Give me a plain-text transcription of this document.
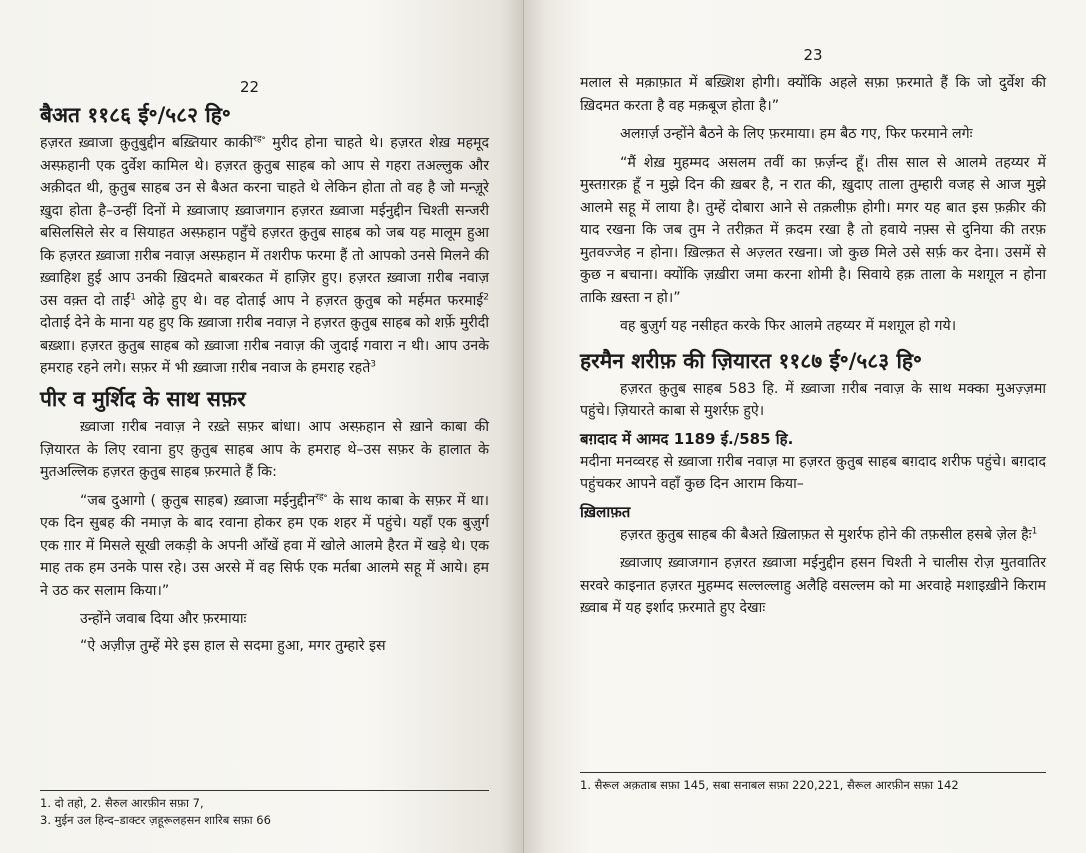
22
बैअत ११८६ ई॰/५८२ हि॰

हज़रत ख़्वाजा क़ुतुबुद्दीन बख़्तियार काकी$^{रह॰}$ मुरीद होना चाहते थे। हज़रत शेख़ महमूद अस्फ़हानी एक दुर्वेश कामिल थे। हज़रत क़ुतुब साहब को आप से गहरा तअल्लुक और अक़ीदत थी, क़ुतुब साहब उन से बैअत करना चाहते थे लेकिन होता तो वह है जो मन्ज़ूरे ख़ुदा होता है–उन्हीं दिनों मे ख़्वाजाए ख़्वाजगान हज़रत ख़्वाजा मईनुद्दीन चिश्ती सन्जरी बसिलसिले सेर व सियाहत अस्फ़हान पहुँचे हज़रत क़ुतुब साहब को जब यह मालूम हुआ कि हज़रत ख़्वाजा ग़रीब नवाज़ अस्फ़हान में तशरीफ फरमा हैं तो आपको उनसे मिलने की ख़्वाहिश हुई आप उनकी ख़िदमते बाबरकत में हाज़िर हुए। हज़रत ख़्वाजा ग़रीब नवाज़ उस वक़्त दो ताईं$^1$ ओढ़े हुए थे। वह दोताई आप ने हज़रत क़ुतुब को मर्हमत फरमाई$^2$ दोताई देने के माना यह हुए कि ख़्वाजा ग़रीब नवाज़ ने हज़रत क़ुतुब साहब को शर्फ़े मुरीदी बख़्शा। हज़रत क़ुतुब साहब को ख़्वाजा ग़रीब नवाज़ की जुदाई गवारा न थी। आप उनके हमराह रहने लगे। सफ़र में भी ख़्वाजा ग़रीब नवाज के हमराह रहते$^3$

पीर व मुर्शिद के साथ सफ़र

ख़्वाजा ग़रीब नवाज़ ने रख़्ते सफ़र बांधा। आप अस्फ़हान से ख़ाने काबा की ज़ियारत के लिए रवाना हुए क़ुतुब साहब आप के हमराह थे–उस सफ़र के हालात के मुतअल्लिक हज़रत क़ुतुब साहब फ़रमाते हैं कि:

“जब दुआगो ( क़ुतुब साहब) ख़्वाजा मईनुद्दीन$^{रह॰}$ के साथ काबा के सफ़र में था। एक दिन सुबह की नमाज़ के बाद रवाना होकर हम एक शहर में पहुंचे। यहाँ एक बुज़ुर्ग एक ग़ार में मिसले सूखी लकड़ी के अपनी आँखें हवा में खोले आलमे हैरत में खड़े थे। एक माह तक हम उनके पास रहे। उस अरसे में वह सिर्फ एक मर्तबा आलमे सहू में आये। हम ने उठ कर सलाम किया।”

उन्होंने जवाब दिया और फ़रमायाः

“ऐ अज़ीज़ तुम्हें मेरे इस हाल से सदमा हुआ, मगर तुम्हारे इस

1. दो तहो, 2. सैरुल आरफ़ीन सफ़ा 7,
3. मुईन उल हिन्द–डाक्टर ज़हूरूलहसन शारिब सफ़ा 66
23

मलाल से मक़ाफ़ात में बख़्शिश होगी। क्योंकि अहले सफ़ा फ़रमाते हैं कि जो दुर्वेश की ख़िदमत करता है वह मक़बूज होता है।”

अलग़र्ज़ उन्होंने बैठने के लिए फ़रमाया। हम बैठ गए, फिर फरमाने लगेः

“मैं शेख़ मुहम्मद असलम तवीं का फ़र्ज़न्द हूँ। तीस साल से आलमे तहय्यर में मुस्तग़रक़ हूँ न मुझे दिन की ख़बर है, न रात की, ख़ुदाए ताला तुम्हारी वजह से आज मुझे आलमे सहू में लाया है। तुम्हें दोबारा आने से तक़लीफ़ होगी। मगर यह बात इस फ़क़ीर की याद रखना कि जब तुम ने तरीक़त में क़दम रखा है तो हवाये नफ़्स से दुनिया की तरफ़ मुतवज्जेह न होना। ख़िल्क़त से अज़्लत रखना। जो कुछ मिले उसे सर्फ़ कर देना। उसमें से कुछ न बचाना। क्योंकि ज़ख़ीरा जमा करना शोमी है। सिवाये हक़ ताला के मशग़ूल न होना ताकि ख़स्ता न हो।”

वह बुज़ुर्ग यह नसीहत करके फिर आलमे तहय्यर में मशग़ूल हो गये।

हरमैन शरीफ़ की ज़ियारत ११८७ ई॰/५८३ हि॰

हज़रत क़ुतुब साहब 583 हि. में ख़्वाजा ग़रीब नवाज़ के साथ मक्का मुअज़्ज़मा पहुंचे। ज़ियारते काबा से मुशर्रफ़ हुऐ।

बग़दाद में आमद 1189 ई./585 हि.

मदीना मनव्वरह से ख़्वाजा ग़रीब नवाज़ मा हज़रत क़ुतुब साहब बग़दाद शरीफ पहुंचे। बग़दाद पहुंचकर आपने वहाँ कुछ दिन आराम किया–

ख़िलाफ़त

हज़रत क़ुतुब साहब की बैअते ख़िलाफ़त से मुशर्रफ होने की तफ़सील हसबे ज़ेल हैः$^1$

ख़्वाजाए ख़्वाजगान हज़रत ख़्वाजा मईनुद्दीन हसन चिश्ती ने चालीस रोज़ मुतवातिर सरवरे काइनात हज़रत मुहम्मद सल्लल्लाहु अलैहि वसल्लम को मा अरवाहे मशाइख़ीने किराम ख़्वाब में यह इर्शाद फ़रमाते हुए देखाः

1. सैरूल अक़ताब सफ़ा 145, सबा सनाबल सफ़ा 220,221, सैरूल आरफ़ीन सफ़ा 142
